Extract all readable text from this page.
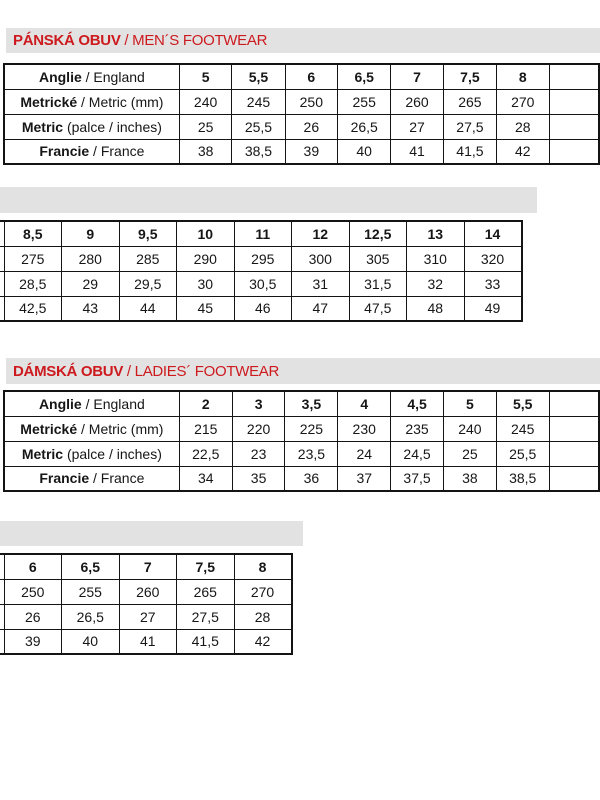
PÁNSKÁ OBUV / MEN´S FOOTWEAR
Anglie / England	5	5,5	6	6,5	7	7,5	8	
Metrické / Metric (mm)	240	245	250	255	260	265	270	
Metric (palce / inches)	25	25,5	26	26,5	27	27,5	28	
Francie / France	38	38,5	39	40	41	41,5	42	
	8,5	9	9,5	10	11	12	12,5	13	14
	275	280	285	290	295	300	305	310	320
	28,5	29	29,5	30	30,5	31	31,5	32	33
	42,5	43	44	45	46	47	47,5	48	49
DÁMSKÁ OBUV / LADIES´ FOOTWEAR
Anglie / England	2	3	3,5	4	4,5	5	5,5	
Metrické / Metric (mm)	215	220	225	230	235	240	245	
Metric (palce / inches)	22,5	23	23,5	24	24,5	25	25,5	
Francie / France	34	35	36	37	37,5	38	38,5	
	6	6,5	7	7,5	8
	250	255	260	265	270
	26	26,5	27	27,5	28
	39	40	41	41,5	42
